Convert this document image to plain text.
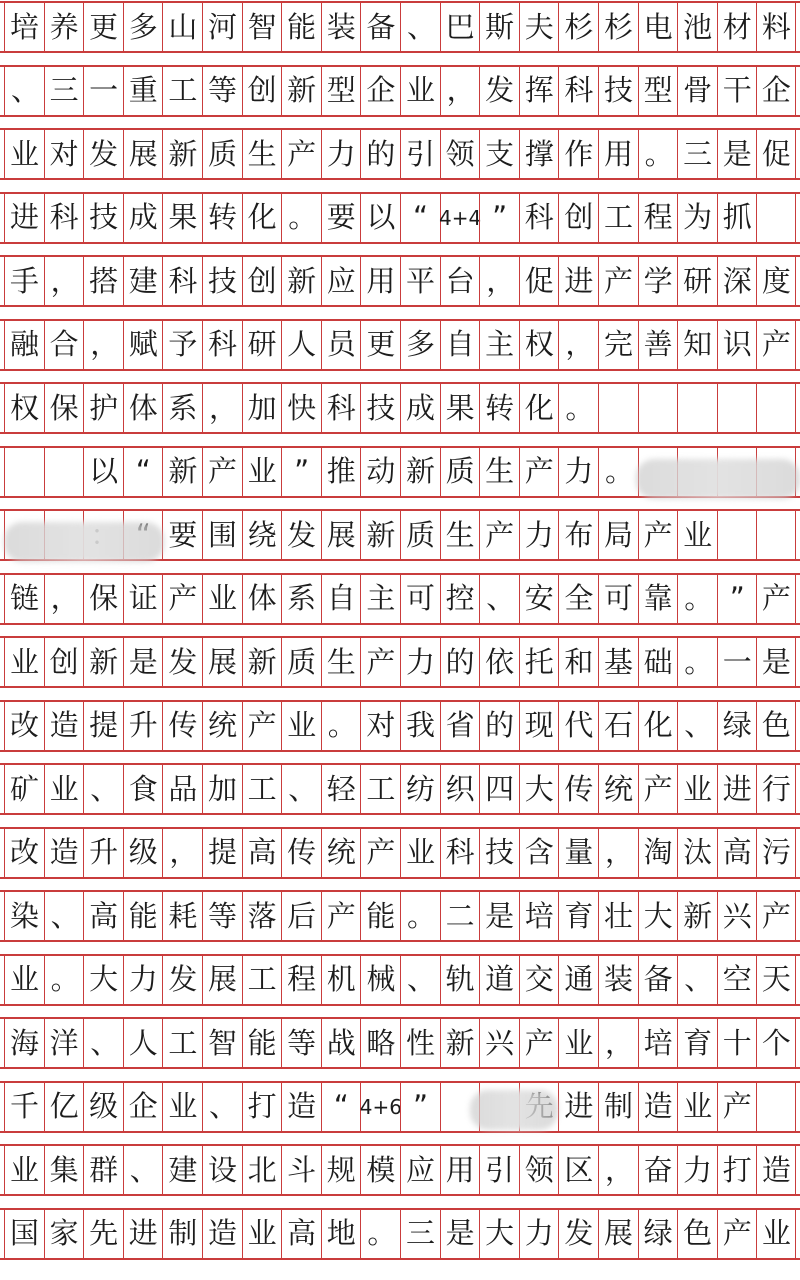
培 养 更 多 山 河 智 能 装 备 、 巴 斯 夫 杉 杉 电 池 材 料
、 三 一 重 工 等 创 新 型 企 业 ， 发 挥 科 技 型 骨 干 企
业 对 发 展 新 质 生 产 力 的 引 领 支 撑 作 用 。 三 是 促
进 科 技 成 果 转 化 。 要 以 “ 4+4 ” 科 创 工 程 为 抓
手 ， 搭 建 科 技 创 新 应 用 平 台 ， 促 进 产 学 研 深 度
融 合 ， 赋 予 科 研 人 员 更 多 自 主 权 ， 完 善 知 识 产
权 保 护 体 系 ， 加 快 科 技 成 果 转 化 。
以 “ 新 产 业 ” 推 动 新 质 生 产 力 。
要 围 绕 发 展 新 质 生 产 力 布 局 产 业
链 ， 保 证 产 业 体 系 自 主 可 控 、 安 全 可 靠 。 ” 产
业 创 新 是 发 展 新 质 生 产 力 的 依 托 和 基 础 。 一 是
改 造 提 升 传 统 产 业 。 对 我 省 的 现 代 石 化 、 绿 色
矿 业 、 食 品 加 工 、 轻 工 纺 织 四 大 传 统 产 业 进 行
改 造 升 级 ， 提 高 传 统 产 业 科 技 含 量 ， 淘 汰 高 污
染 、 高 能 耗 等 落 后 产 能 。 二 是 培 育 壮 大 新 兴 产
业 。 大 力 发 展 工 程 机 械 、 轨 道 交 通 装 备 、 空 天
海 洋 、 人 工 智 能 等 战 略 性 新 兴 产 业 ， 培 育 十 个
千 亿 级 企 业 、 打 造 “ 4+6 ”	进 制 造 业 产
业 集 群 、 建 设 北 斗 规 模 应 用 引 领 区 ， 奋 力 打 造
国 家 先 进 制 造 业 高 地 。 三 是 大 力 发 展 绿 色 产 业
